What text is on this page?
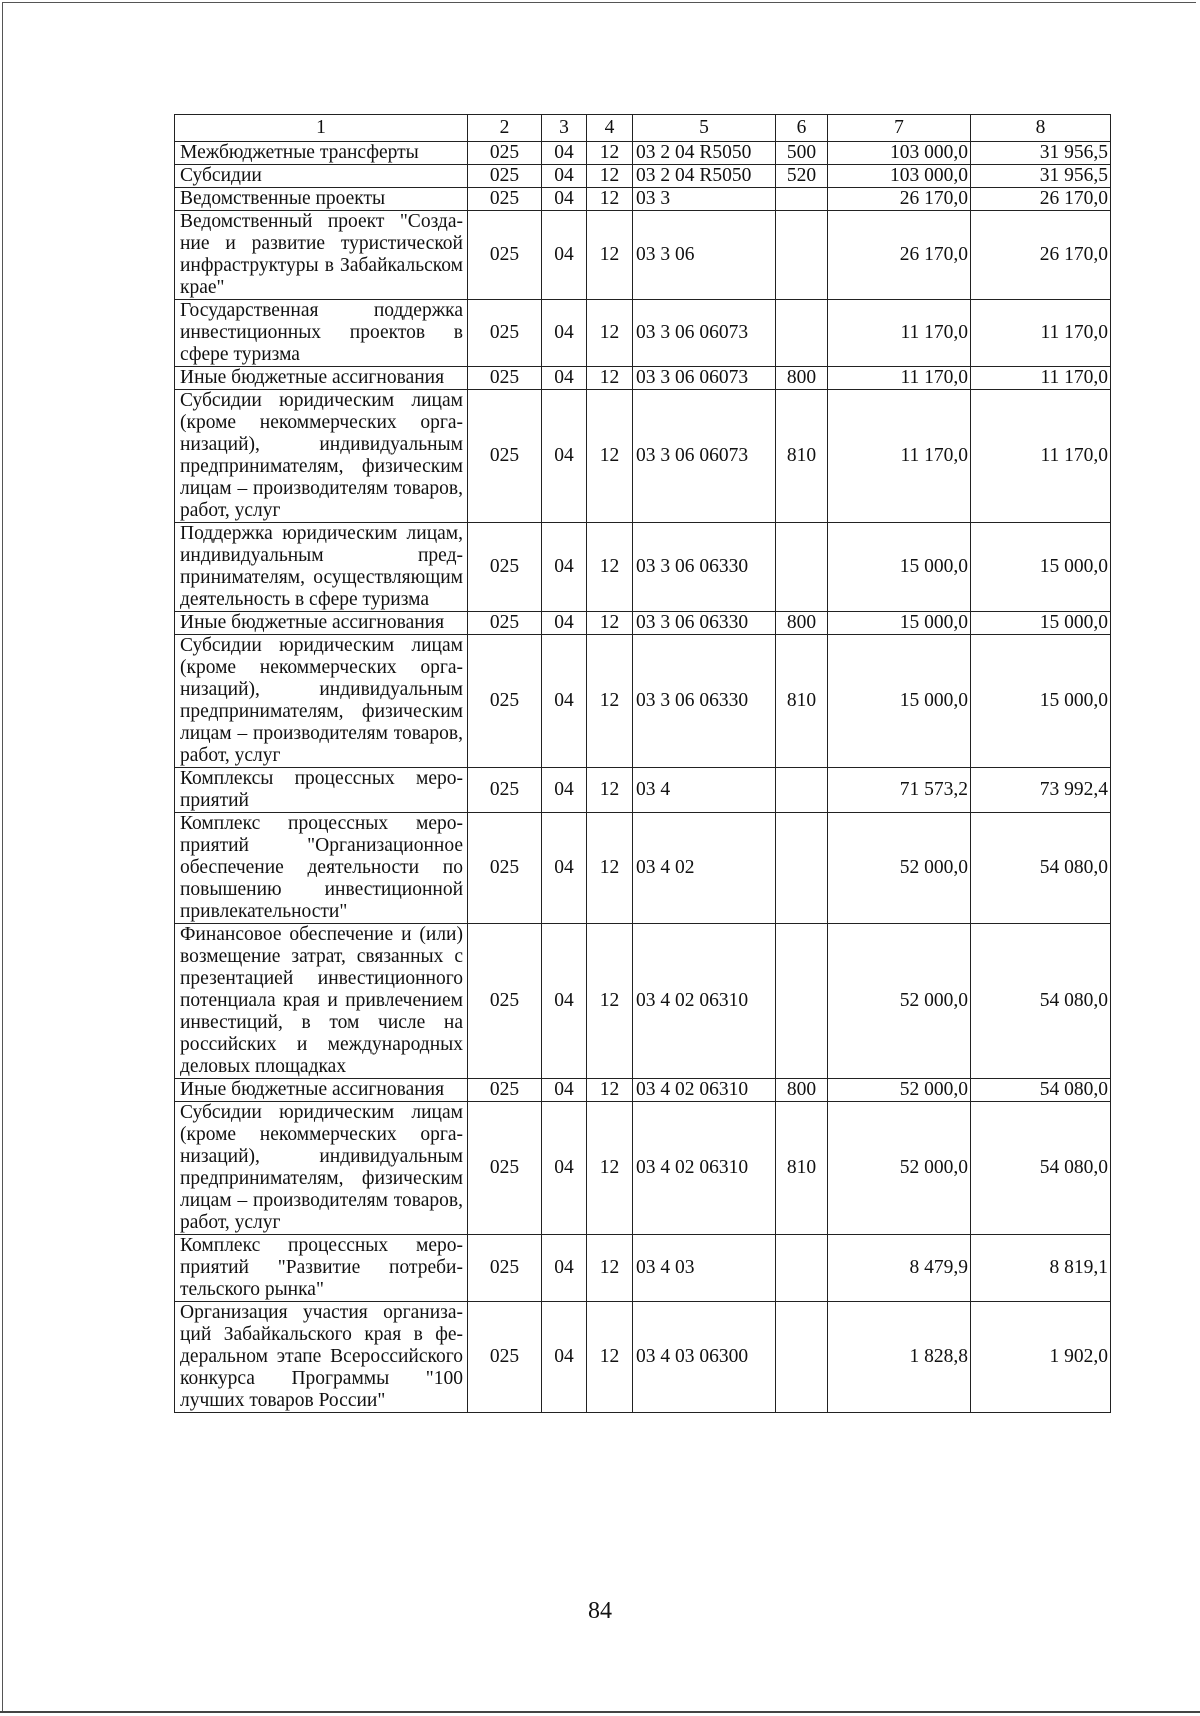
1	2	3	4	5	6	7	8
Межбюджетные трансферты	025	04	12	03 2 04 R5050	500	103 000,0	31 956,5
Субсидии	025	04	12	03 2 04 R5050	520	103 000,0	31 956,5
Ведомственные проекты	025	04	12	03 3		26 170,0	26 170,0
Ведомственный проект "Создание и развитие туристической инфраструктуры в Забайкальском крае"	025	04	12	03 3 06		26 170,0	26 170,0
Государственная поддержка инвестиционных проектов в сфере туризма	025	04	12	03 3 06 06073		11 170,0	11 170,0
Иные бюджетные ассигнования	025	04	12	03 3 06 06073	800	11 170,0	11 170,0
Субсидии юридическим лицам (кроме некоммерческих организаций), индивидуальным предпринимателям, физическим лицам – производителям товаров, работ, услуг	025	04	12	03 3 06 06073	810	11 170,0	11 170,0
Поддержка юридическим лицам, индивидуальным предпринимателям, осуществляющим деятельность в сфере туризма	025	04	12	03 3 06 06330		15 000,0	15 000,0
Иные бюджетные ассигнования	025	04	12	03 3 06 06330	800	15 000,0	15 000,0
Субсидии юридическим лицам (кроме некоммерческих организаций), индивидуальным предпринимателям, физическим лицам – производителям товаров, работ, услуг	025	04	12	03 3 06 06330	810	15 000,0	15 000,0
Комплексы процессных мероприятий	025	04	12	03 4		71 573,2	73 992,4
Комплекс процессных мероприятий "Организационное обеспечение деятельности по повышению инвестиционной привлекательности"	025	04	12	03 4 02		52 000,0	54 080,0
Финансовое обеспечение и (или) возмещение затрат, связанных с презентацией инвестиционного потенциала края и привлечением инвестиций, в том числе на российских и международных деловых площадках	025	04	12	03 4 02 06310		52 000,0	54 080,0
Иные бюджетные ассигнования	025	04	12	03 4 02 06310	800	52 000,0	54 080,0
Субсидии юридическим лицам (кроме некоммерческих организаций), индивидуальным предпринимателям, физическим лицам – производителям товаров, работ, услуг	025	04	12	03 4 02 06310	810	52 000,0	54 080,0
Комплекс процессных мероприятий "Развитие потребительского рынка"	025	04	12	03 4 03		8 479,9	8 819,1
Организация участия организаций Забайкальского края в федеральном этапе Всероссийского конкурса Программы "100 лучших товаров России"	025	04	12	03 4 03 06300		1 828,8	1 902,0
84
